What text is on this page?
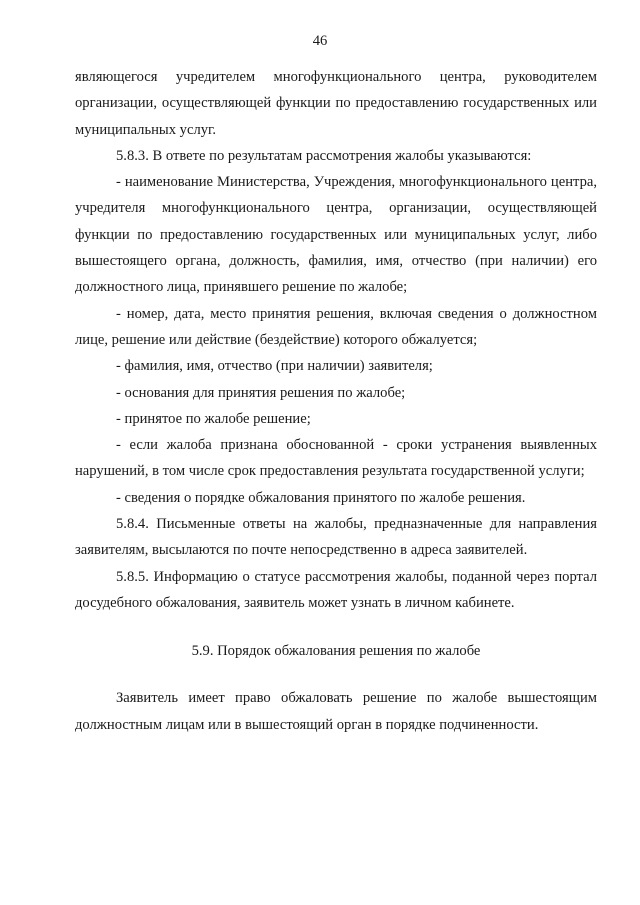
46

являющегося учредителем многофункционального центра, руководителем организации, осуществляющей функции по предоставлению государственных или муниципальных услуг.

5.8.3. В ответе по результатам рассмотрения жалобы указываются:

- наименование Министерства, Учреждения, многофункционального центра, учредителя многофункционального центра, организации, осуществляющей функции по предоставлению государственных или муниципальных услуг, либо вышестоящего органа, должность, фамилия, имя, отчество (при наличии) его должностного лица, принявшего решение по жалобе;

- номер, дата, место принятия решения, включая сведения о должностном лице, решение или действие (бездействие) которого обжалуется;

- фамилия, имя, отчество (при наличии) заявителя;

- основания для принятия решения по жалобе;

- принятое по жалобе решение;

- если жалоба признана обоснованной - сроки устранения выявленных нарушений, в том числе срок предоставления результата государственной услуги;

- сведения о порядке обжалования принятого по жалобе решения.

5.8.4. Письменные ответы на жалобы, предназначенные для направления заявителям, высылаются по почте непосредственно в адреса заявителей.

5.8.5. Информацию о статусе рассмотрения жалобы, поданной через портал досудебного обжалования, заявитель может узнать в личном кабинете.

5.9. Порядок обжалования решения по жалобе

Заявитель имеет право обжаловать решение по жалобе вышестоящим должностным лицам или в вышестоящий орган в порядке подчиненности.
